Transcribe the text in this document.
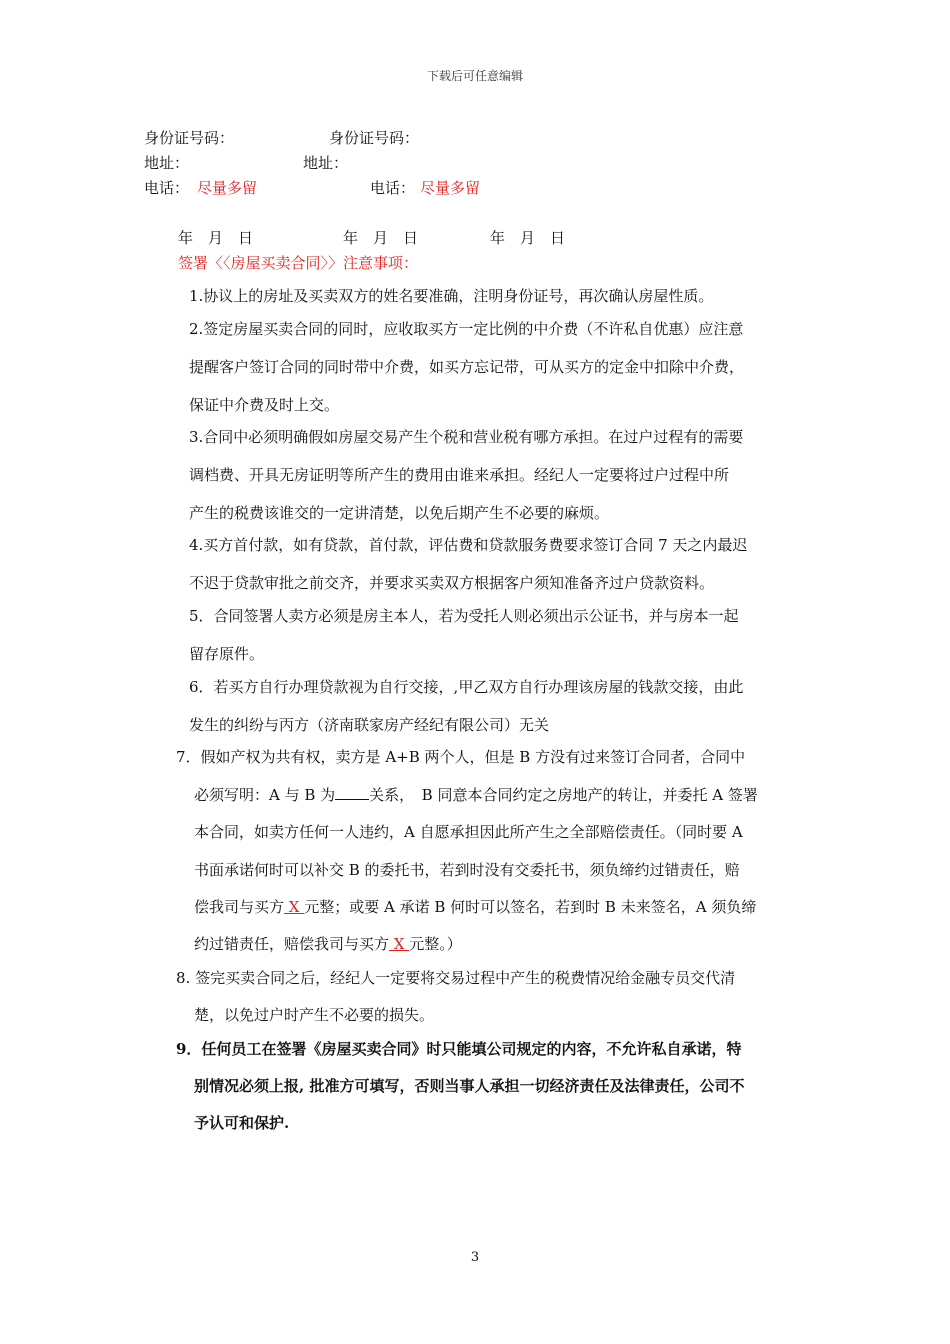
下载后可任意编辑
身份证号码：	身份证号码：
地址：	地址：
电话： 尽量多留	电话： 尽量多留
年　月　日	年　月　日	年　月　日
签署〈〈房屋买卖合同〉〉注意事项：
1.协议上的房址及买卖双方的姓名要准确，注明身份证号，再次确认房屋性质。
2.签定房屋买卖合同的同时，应收取买方一定比例的中介费（不许私自优惠）应注意
提醒客户签订合同的同时带中介费，如买方忘记带，可从买方的定金中扣除中介费，
保证中介费及时上交。
3.合同中必须明确假如房屋交易产生个税和营业税有哪方承担。在过户过程有的需要
调档费、开具无房证明等所产生的费用由谁来承担。经纪人一定要将过户过程中所
产生的税费该谁交的一定讲清楚，以免后期产生不必要的麻烦。
4.买方首付款，如有贷款，首付款，评估费和贷款服务费要求签订合同 7 天之内最迟
不迟于贷款审批之前交齐，并要求买卖双方根据客户须知准备齐过户贷款资料。
5．合同签署人卖方必须是房主本人，若为受托人则必须出示公证书，并与房本一起
留存原件。
6．若买方自行办理贷款视为自行交接，,甲乙双方自行办理该房屋的钱款交接，由此
发生的纠纷与丙方（济南联家房产经纪有限公司）无关
7．假如产权为共有权，卖方是 A+B 两个人，但是 B 方没有过来签订合同者，合同中
必须写明：A 与 B 为 关系，　B 同意本合同约定之房地产的转让，并委托 A 签署
本合同，如卖方任何一人违约，A 自愿承担因此所产生之全部赔偿责任。（同时要 A
书面承诺何时可以补交 B 的委托书，若到时没有交委托书，须负缔约过错责任，赔
偿我司与买方 X 元整；或要 A 承诺 B 何时可以签名，若到时 B 未来签名，A 须负缔
约过错责任，赔偿我司与买方 X 元整。）
8. 签完买卖合同之后，经纪人一定要将交易过程中产生的税费情况给金融专员交代清
楚，以免过户时产生不必要的损失。
9．任何员工在签署《房屋买卖合同》时只能填公司规定的内容，不允许私自承诺，特
别情况必须上报, 批准方可填写，否则当事人承担一切经济责任及法律责任，公司不
予认可和保护.
3
